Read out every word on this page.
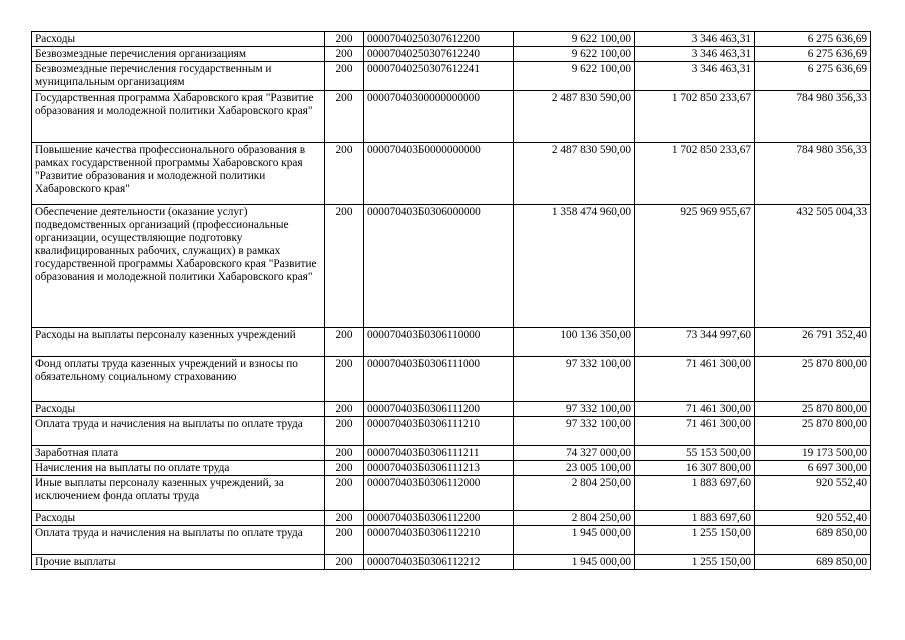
Расходы	200	00007040250307612200	9 622 100,00	3 346 463,31	6 275 636,69
Безвозмездные перечисления организациям	200	00007040250307612240	9 622 100,00	3 346 463,31	6 275 636,69
Безвозмездные перечисления государственным и муниципальным организациям	200	00007040250307612241	9 622 100,00	3 346 463,31	6 275 636,69
Государственная программа Хабаровского края "Развитие образования и молодежной политики Хабаровского края"	200	00007040300000000000	2 487 830 590,00	1 702 850 233,67	784 980 356,33
Повышение качества профессионального образования в рамках государственной программы Хабаровского края "Развитие образования и молодежной политики Хабаровского края"	200	000070403Б0000000000	2 487 830 590,00	1 702 850 233,67	784 980 356,33
Обеспечение деятельности (оказание услуг) подведомственных организаций (профессиональные организации, осуществляющие подготовку квалифицированных рабочих, служащих) в рамках государственной программы Хабаровского края "Развитие образования и молодежной политики Хабаровского края"	200	000070403Б0306000000	1 358 474 960,00	925 969 955,67	432 505 004,33
Расходы на выплаты персоналу казенных учреждений	200	000070403Б0306110000	100 136 350,00	73 344 997,60	26 791 352,40
Фонд оплаты труда казенных учреждений и взносы по обязательному социальному страхованию	200	000070403Б0306111000	97 332 100,00	71 461 300,00	25 870 800,00
Расходы	200	000070403Б0306111200	97 332 100,00	71 461 300,00	25 870 800,00
Оплата труда и начисления на выплаты по оплате труда	200	000070403Б0306111210	97 332 100,00	71 461 300,00	25 870 800,00
Заработная плата	200	000070403Б0306111211	74 327 000,00	55 153 500,00	19 173 500,00
Начисления на выплаты по оплате труда	200	000070403Б0306111213	23 005 100,00	16 307 800,00	6 697 300,00
Иные выплаты персоналу казенных учреждений, за исключением фонда оплаты труда	200	000070403Б0306112000	2 804 250,00	1 883 697,60	920 552,40
Расходы	200	000070403Б0306112200	2 804 250,00	1 883 697,60	920 552,40
Оплата труда и начисления на выплаты по оплате труда	200	000070403Б0306112210	1 945 000,00	1 255 150,00	689 850,00
Прочие выплаты	200	000070403Б0306112212	1 945 000,00	1 255 150,00	689 850,00
